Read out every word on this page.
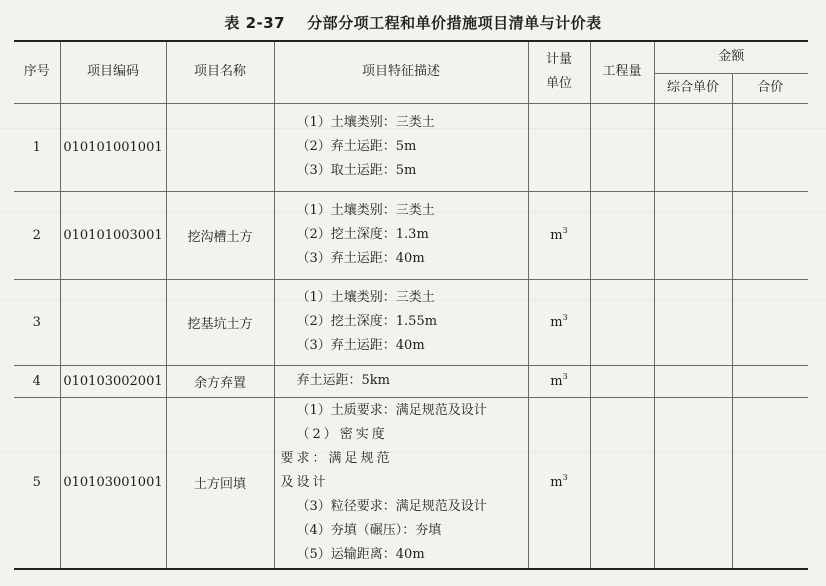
表 2-37 分部分项工程和单价措施项目清单与计价表
序号	项目编码	项目名称	项目特征描述	计量单位	工程量	金额	
						综合单价	合价
1	010101001001		（1）土壤类别：三类土
（2）弃土运距：5m
（3）取土运距：5m				

2	010101003001	挖沟槽土方	（1）土壤类别：三类土
（2）挖土深度：1.3m
（3）弃土运距：40m	$m^3$			
3		挖基坑土方	（1）土壤类别：三类土
（2）挖土深度：1.55m
（3）弃土运距：40m	$m^3$			
4	010103002001	余方弃置	弃土运距：5km	$m^3$			
5	010103001001	土方回填	（1）土质要求：满足规范及设计
（2）密实度要求：满足规范及设计
（3）粒径要求：满足规范及设计
（4）夯填（碾压）：夯填
（5）运输距离：40m	$m^3$			
